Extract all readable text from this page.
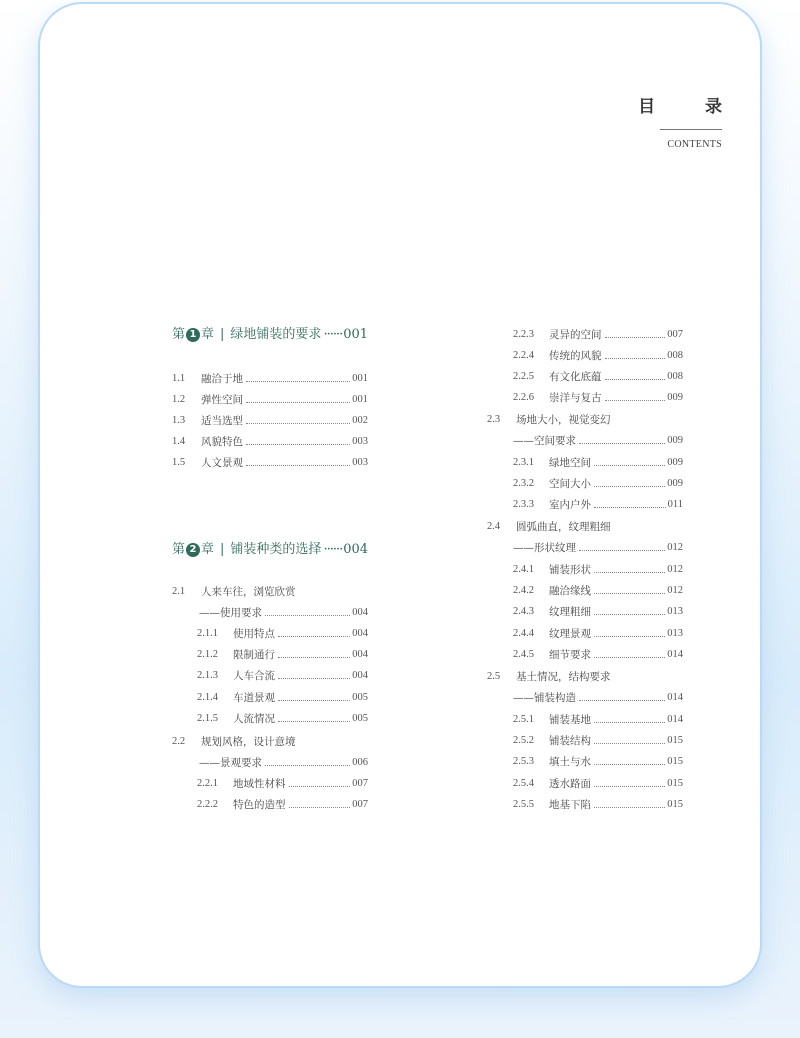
目 录
CONTENTS
第 1 章 | 绿地铺装的要求 ······ 001
第 2 章 | 铺装种类的选择 ······ 004
1.1	融洽于地	001
1.2	弹性空间	001
1.3	适当选型	002
1.4	风貌特色	003
1.5	人文景观	003
2.1	人来车往，浏览欣赏
——使用要求	004
2.1.1	使用特点	004
2.1.2	限制通行	004
2.1.3	人车合流	004
2.1.4	车道景观	005
2.1.5	人流情况	005
2.2	规划风格，设计意境
——景观要求	006
2.2.1	地域性材料	007
2.2.2	特色的造型	007
2.2.3	灵异的空间	007
2.2.4	传统的风貌	008
2.2.5	有文化底蕴	008
2.2.6	崇洋与复古	009
2.3	场地大小，视觉变幻
——空间要求	009
2.3.1	绿地空间	009
2.3.2	空间大小	009
2.3.3	室内户外	011
2.4	圆弧曲直，纹理粗细
——形状纹理	012
2.4.1	铺装形状	012
2.4.2	融洽缘线	012
2.4.3	纹理粗细	013
2.4.4	纹理景观	013
2.4.5	细节要求	014
2.5	基土情况，结构要求
——铺装构造	014
2.5.1	铺装基地	014
2.5.2	铺装结构	015
2.5.3	填土与水	015
2.5.4	透水路面	015
2.5.5	地基下陷	015
